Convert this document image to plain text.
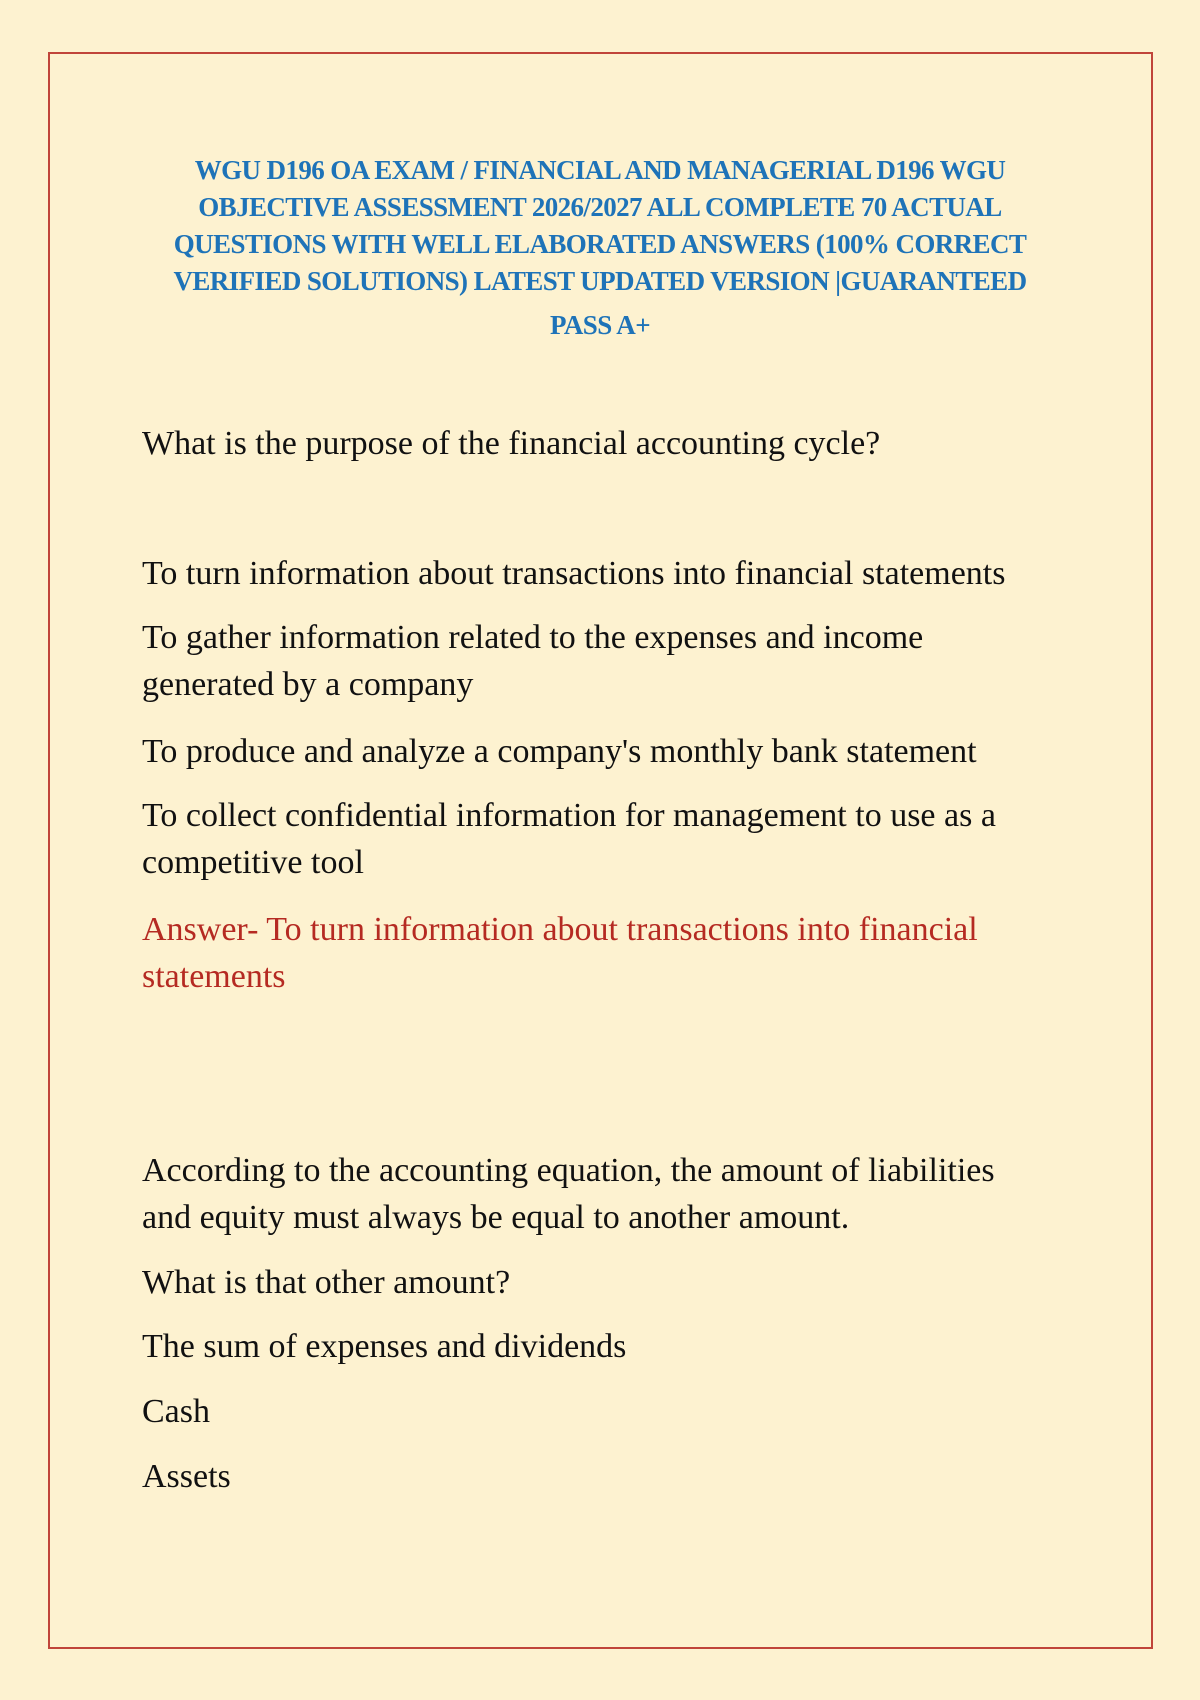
WGU D196 OA EXAM / FINANCIAL AND MANAGERIAL D196 WGU
OBJECTIVE ASSESSMENT 2026/2027 ALL COMPLETE 70 ACTUAL
QUESTIONS WITH WELL ELABORATED ANSWERS (100% CORRECT
VERIFIED SOLUTIONS) LATEST UPDATED VERSION |GUARANTEED
PASS A+

What is the purpose of the financial accounting cycle?

To turn information about transactions into financial statements

To gather information related to the expenses and income

generated by a company

To produce and analyze a company's monthly bank statement

To collect confidential information for management to use as a

competitive tool

Answer- To turn information about transactions into financial

statements

According to the accounting equation, the amount of liabilities

and equity must always be equal to another amount.

What is that other amount?

The sum of expenses and dividends

Cash

Assets
